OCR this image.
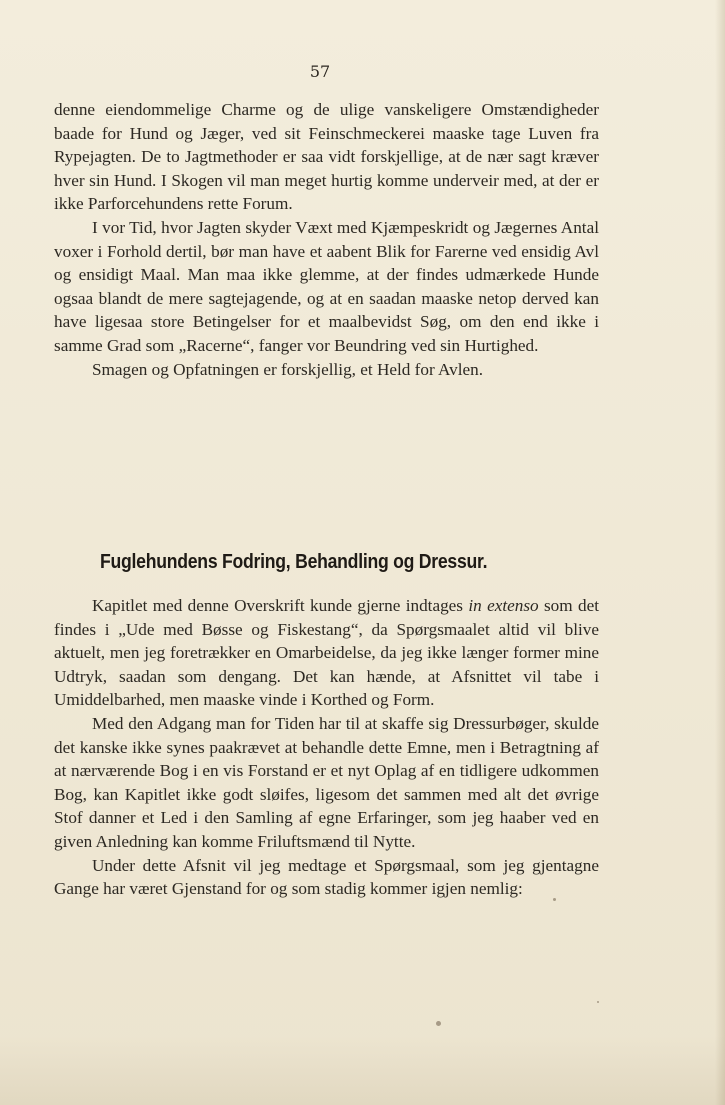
57

denne eiendommelige Charme og de ulige vanskeligere Omstændigheder baade for Hund og Jæger, ved sit Feinschmeckerei maaske tage Luven fra Rypejagten. De to Jagtmethoder er saa vidt forskjellige, at de nær sagt kræver hver sin Hund. I Skogen vil man meget hurtig komme underveir med, at der er ikke Parforcehundens rette Forum.

I vor Tid, hvor Jagten skyder Væxt med Kjæmpeskridt og Jægernes Antal voxer i Forhold dertil, bør man have et aabent Blik for Farerne ved ensidig Avl og ensidigt Maal. Man maa ikke glemme, at der findes udmærkede Hunde ogsaa blandt de mere sagtejagende, og at en saadan maaske netop derved kan have ligesaa store Betingelser for et maalbevidst Søg, om den end ikke i samme Grad som „Racerne“, fanger vor Beundring ved sin Hurtighed.

Smagen og Opfatningen er forskjellig, et Held for Avlen.

Fuglehundens Fodring, Behandling og Dressur.

Kapitlet med denne Overskrift kunde gjerne indtages in extenso som det findes i „Ude med Bøsse og Fiskestang“, da Spørgsmaalet altid vil blive aktuelt, men jeg foretrækker en Omarbeidelse, da jeg ikke længer former mine Udtryk, saadan som dengang. Det kan hænde, at Afsnittet vil tabe i Umiddelbarhed, men maaske vinde i Korthed og Form.

Med den Adgang man for Tiden har til at skaffe sig Dressurbøger, skulde det kanske ikke synes paakrævet at behandle dette Emne, men i Betragtning af at nærværende Bog i en vis Forstand er et nyt Oplag af en tidligere udkommen Bog, kan Kapitlet ikke godt sløifes, ligesom det sammen med alt det øvrige Stof danner et Led i den Samling af egne Erfaringer, som jeg haaber ved en given Anledning kan komme Friluftsmænd til Nytte.

Under dette Afsnit vil jeg medtage et Spørgsmaal, som jeg gjentagne Gange har været Gjenstand for og som stadig kommer igjen nemlig:
